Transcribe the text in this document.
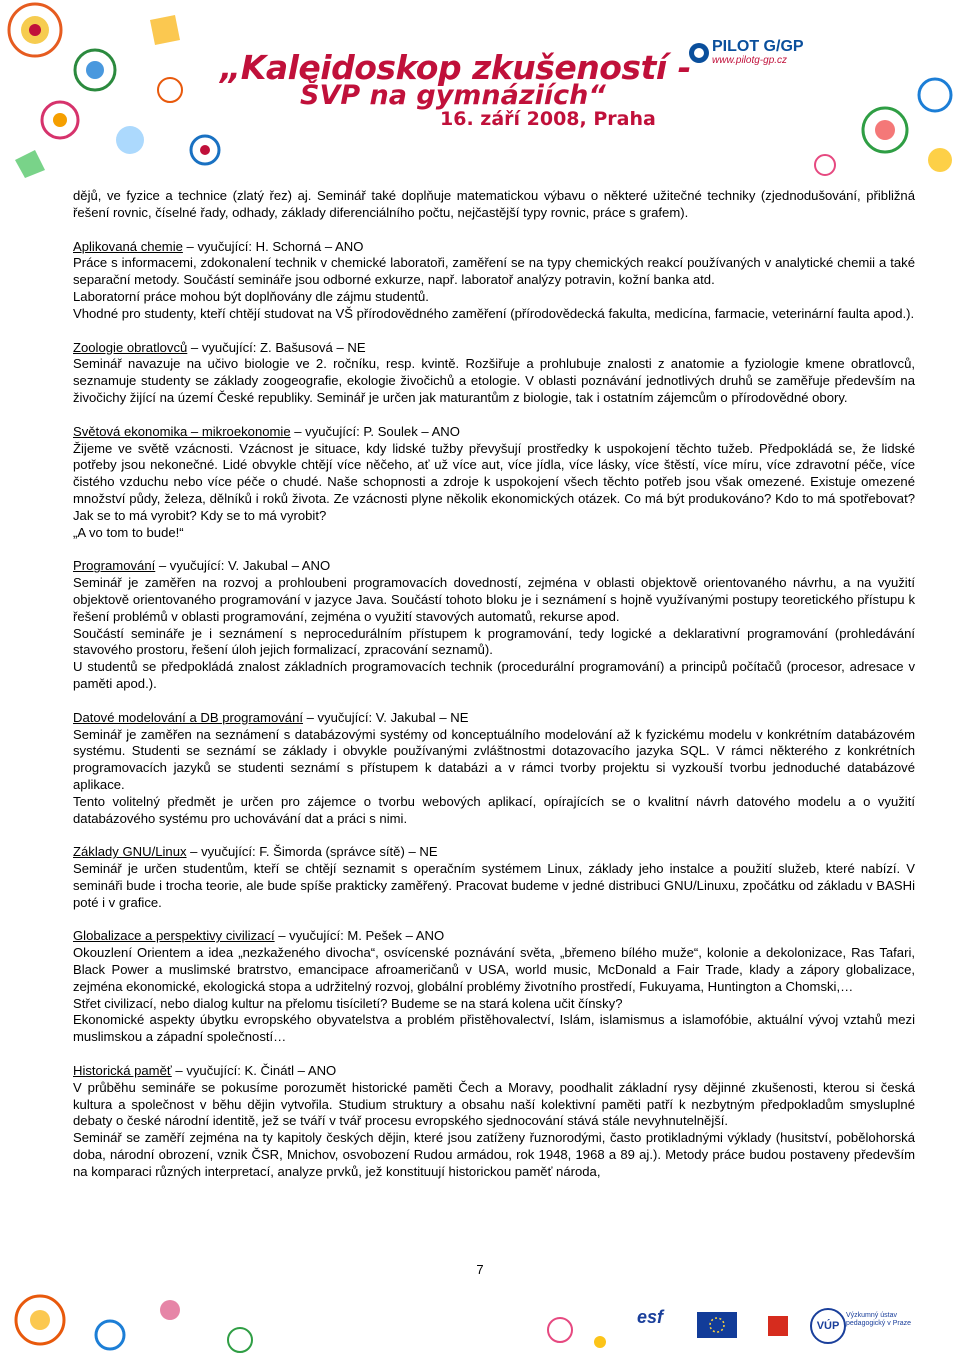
PILOT G/GP
www.pilotg-gp.cz
„Kaleidoskop zkušeností -
ŠVP na gymnáziích“
16. září 2008, Praha

dějů, ve fyzice a technice (zlatý řez) aj. Seminář také doplňuje matematickou výbavu o některé užitečné techniky (zjednodušování, přibližná řešení rovnic, číselné řady, odhady, základy diferenciálního počtu, nejčastější typy rovnic, práce s grafem).

Aplikovaná chemie – vyučující: H. Schorná – ANO

Práce s informacemi, zdokonalení technik v chemické laboratoři, zaměření se na typy chemických reakcí používaných v analytické chemii a také separační metody. Součástí semináře jsou odborné exkurze, např. laboratoř analýzy potravin, kožní banka atd.

Laboratorní práce mohou být doplňovány dle zájmu studentů.

Vhodné pro studenty, kteří chtějí studovat na VŠ přírodovědného zaměření (přírodovědecká fakulta, medicína, farmacie, veterinární faulta apod.).

Zoologie obratlovců – vyučující: Z. Bašusová – NE

Seminář navazuje na učivo biologie ve 2. ročníku, resp. kvintě. Rozšiřuje a prohlubuje znalosti z anatomie a fyziologie kmene obratlovců, seznamuje studenty se základy zoogeografie, ekologie živočichů a etologie. V oblasti poznávání jednotlivých druhů se zaměřuje především na živočichy žijící na území České republiky. Seminář je určen jak maturantům z biologie, tak i ostatním zájemcům o přírodovědné obory.

Světová ekonomika – mikroekonomie – vyučující: P. Soulek – ANO

Žijeme ve světě vzácnosti. Vzácnost je situace, kdy lidské tužby převyšují prostředky k uspokojení těchto tužeb. Předpokládá se, že lidské potřeby jsou nekonečné. Lidé obvykle chtějí více něčeho, ať už více aut, více jídla, více lásky, více štěstí, více míru, více zdravotní péče, více čistého vzduchu nebo více péče o chudé. Naše schopnosti a zdroje k uspokojení všech těchto potřeb jsou však omezené. Existuje omezené množství půdy, železa, dělníků i roků života. Ze vzácnosti plyne několik ekonomických otázek. Co má být produkováno? Kdo to má spotřebovat? Jak se to má vyrobit? Kdy se to má vyrobit?

„A vo tom to bude!“

Programování – vyučující: V. Jakubal – ANO

Seminář je zaměřen na rozvoj a prohloubeni programovacích dovedností, zejména v oblasti objektově orientovaného návrhu, a na využití objektově orientovaného programování v jazyce Java. Součástí tohoto bloku je i seznámení s hojně využívanými postupy teoretického přístupu k řešení problémů v oblasti programování, zejména o využití stavových automatů, rekurse apod.

Součástí semináře je i seznámení s neprocedurálním přístupem k programování, tedy logické a deklarativní programování (prohledávání stavového prostoru, řešení úloh jejich formalizací, zpracování seznamů).

U studentů se předpokládá znalost základních programovacích technik (procedurální programování) a principů počítačů (procesor, adresace v paměti apod.).

Datové modelování a DB programování – vyučující: V. Jakubal – NE

Seminář je zaměřen na seznámení s databázovými systémy od konceptuálního modelování až k fyzickému modelu v konkrétním databázovém systému. Studenti se seznámí se základy i obvykle používanými zvláštnostmi dotazovacího jazyka SQL. V rámci některého z konkrétních programovacích jazyků se studenti seznámí s přístupem k databázi a v rámci tvorby projektu si vyzkouší tvorbu jednoduché databázové aplikace.

Tento volitelný předmět je určen pro zájemce o tvorbu webových aplikací, opírajících se o kvalitní návrh datového modelu a o využití databázového systému pro uchovávání dat a práci s nimi.

Základy GNU/Linux – vyučující: F. Šimorda (správce sítě) – NE

Seminář je určen studentům, kteří se chtějí seznamit s operačním systémem Linux, základy jeho instalce a použití služeb, které nabízí. V semináři bude i trocha teorie, ale bude spíše prakticky zaměřený. Pracovat budeme v jedné distribuci GNU/Linuxu, zpočátku od základu v BASHi poté i v grafice.

Globalizace a perspektivy civilizací – vyučující: M. Pešek – ANO

Okouzlení Orientem a idea „nezkaženého divocha“, osvícenské poznávání světa, „břemeno bílého muže“, kolonie a dekolonizace, Ras Tafari, Black Power a muslimské bratrstvo, emancipace afroameričanů v USA, world music, McDonald a Fair Trade, klady a zápory globalizace, zejména ekonomické, ekologická stopa a udržitelný rozvoj, globální problémy životního prostředí, Fukuyama, Huntington a Chomski,…

Střet civilizací, nebo dialog kultur na přelomu tisíciletí? Budeme se na stará kolena učit čínsky?

Ekonomické aspekty úbytku evropského obyvatelstva a problém přistěhovalectví, Islám, islamismus a islamofóbie, aktuální vývoj vztahů mezi muslimskou a západní společností…

Historická paměť – vyučující: K. Činátl – ANO

V průběhu semináře se pokusíme porozumět historické paměti Čech a Moravy, poodhalit základní rysy dějinné zkušenosti, kterou si česká kultura a společnost v běhu dějin vytvořila. Studium struktury a obsahu naší kolektivní paměti patří k nezbytným předpokladům smysluplné debaty o české národní identitě, jež se tváří v tvář procesu evropského sjednocování stává stále nevyhnutelnější.

Seminář se zaměří zejména na ty kapitoly českých dějin, které jsou zatíženy řuznorodými, často protikladnými výklady (husitství, pobělohorská doba, národní obrození, vznik ČSR, Mnichov, osvobození Rudou armádou, rok 1948, 1968 a 89 aj.). Metody práce budou postaveny především na komparaci různých interpretací, analyze prvků, jež konstituují historickou paměť národa,

7
esf	VÚP
Výzkumný ústav pedagogický v Praze
